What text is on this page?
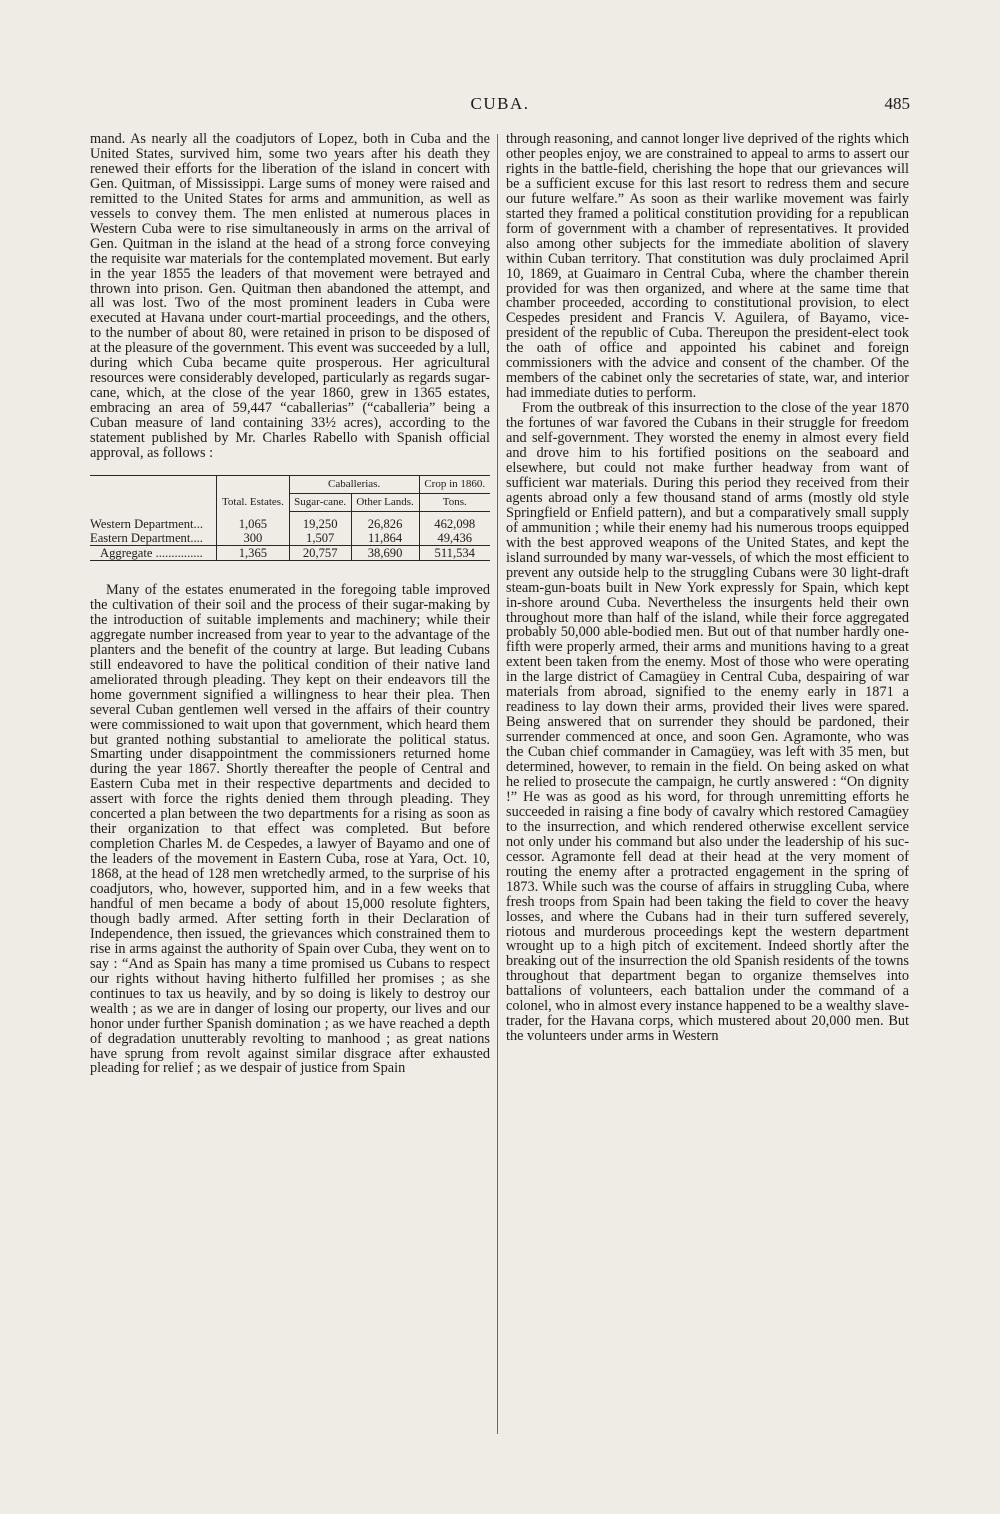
CUBA.	485

mand. As nearly all the coadjutors of Lopez, both in Cuba and the United States, survived him, some two years after his death they renewed their efforts for the liberation of the island in concert with Gen. Quitman, of Mississippi. Large sums of money were raised and remitted to the United States for arms and ammunition, as well as vessels to convey them. The men enlisted at numerous places in Western Cuba were to rise simultaneously in arms on the arrival of Gen. Quitman in the island at the head of a strong force conveying the requisite war materials for the contemplated movement. But early in the year 1855 the leaders of that movement were betrayed and thrown into prison. Gen. Quitman then abandoned the attempt, and all was lost. Two of the most prominent leaders in Cuba were executed at Havana under court-martial proceedings, and the others, to the number of about 80, were retained in prison to be disposed of at the pleasure of the government. This event was succeeded by a lull, during which Cuba became quite prosperous. Her agricultural resources were considerably developed, particularly as regards sugar-cane, which, at the close of the year 1860, grew in 1365 estates, embracing an area of 59,447 “caballerias” (“caballeria” being a Cuban measure of land containing 33½ acres), according to the statement published by Mr. Charles Rabello with Spanish official approval, as follows :

	Total. Estates.	Caballerias.		Crop in 1860.
		Sugar-cane.	Other Lands.	Tons.
Western Department...	1,065	19,250	26,826	462,098
Eastern Department....	300	1,507	11,864	49,436
Aggregate ...............	1,365	20,757	38,690	511,534

Many of the estates enumerated in the foregoing table improved the cultivation of their soil and the process of their sugar-making by the introduction of suitable implements and machinery; while their aggregate number increased from year to year to the advantage of the planters and the benefit of the country at large. But leading Cubans still endeavored to have the political condition of their native land ameliorated through pleading. They kept on their endeavors till the home government signified a willingness to hear their plea. Then several Cuban gentlemen well versed in the affairs of their country were commissioned to wait upon that government, which heard them but granted nothing substantial to ameliorate the political status. Smarting under disappointment the commissioners returned home during the year 1867. Shortly thereafter the people of Central and Eastern Cuba met in their respective departments and decided to assert with force the rights denied them through pleading. They concerted a plan between the two departments for a rising as soon as their organization to that effect was completed. But before completion Charles M. de Cespedes, a lawyer of Bayamo and one of the leaders of the movement in Eastern Cuba, rose at Yara, Oct. 10, 1868, at the head of 128 men wretchedly armed, to the surprise of his coadjutors, who, however, supported him, and in a few weeks that handful of men became a body of about 15,000 resolute fighters, though badly armed. After setting forth in their Declaration of Independence, then issued, the grievances which constrained them to rise in arms against the authority of Spain over Cuba, they went on to say : “And as Spain has many a time promised us Cubans to respect our rights without having hitherto fulfilled her promises ; as she continues to tax us heavily, and by so doing is likely to destroy our wealth ; as we are in danger of losing our property, our lives and our honor under further Spanish domination ; as we have reached a depth of degradation unutterably revolting to manhood ; as great nations have sprung from revolt against similar disgrace after exhausted pleading for relief ; as we despair of justice from Spain

through reasoning, and cannot longer live deprived of the rights which other peoples enjoy, we are constrained to appeal to arms to assert our rights in the battle-field, cherishing the hope that our grievances will be a sufficient excuse for this last resort to redress them and secure our future welfare.” As soon as their warlike movement was fairly started they framed a political constitution providing for a republican form of government with a chamber of representatives. It provided also among other subjects for the immediate abolition of slavery within Cuban territory. That constitution was duly proclaimed April 10, 1869, at Guaimaro in Central Cuba, where the chamber therein provided for was then organized, and where at the same time that chamber proceeded, according to constitutional provision, to elect Cespedes president and Francis V. Aguilera, of Bayamo, vice-president of the republic of Cuba. Thereupon the president-elect took the oath of office and appointed his cabinet and foreign commissioners with the advice and consent of the chamber. Of the members of the cabinet only the secretaries of state, war, and interior had immediate duties to perform.

From the outbreak of this insurrection to the close of the year 1870 the fortunes of war favored the Cubans in their struggle for freedom and self-government. They worsted the enemy in almost every field and drove him to his fortified positions on the seaboard and elsewhere, but could not make further headway from want of sufficient war materials. During this period they received from their agents abroad only a few thousand stand of arms (mostly old style Springfield or Enfield pattern), and but a comparatively small supply of ammunition ; while their enemy had his numerous troops equipped with the best approved weapons of the United States, and kept the island surrounded by many war-vessels, of which the most efficient to prevent any outside help to the struggling Cubans were 30 light-draft steam-gun-boats built in New York expressly for Spain, which kept in-shore around Cuba. Nevertheless the insurgents held their own throughout more than half of the island, while their force aggregated probably 50,000 able-bodied men. But out of that number hardly one-fifth were properly armed, their arms and munitions having to a great extent been taken from the enemy. Most of those who were operating in the large district of Camagüey in Central Cuba, despairing of war materials from abroad, signified to the enemy early in 1871 a readiness to lay down their arms, provided their lives were spared. Being answered that on surrender they should be pardoned, their surrender commenced at once, and soon Gen. Agramonte, who was the Cuban chief commander in Camagüey, was left with 35 men, but determined, however, to remain in the field. On being asked on what he relied to prosecute the campaign, he curtly answered : “On dignity !” He was as good as his word, for through unremitting efforts he succeeded in raising a fine body of cavalry which restored Camagüey to the insurrection, and which rendered otherwise excellent service not only under his command but also under the leadership of his successor. Agramonte fell dead at their head at the very moment of routing the enemy after a protracted engagement in the spring of 1873. While such was the course of affairs in struggling Cuba, where fresh troops from Spain had been taking the field to cover the heavy losses, and where the Cubans had in their turn suffered severely, riotous and murderous proceedings kept the western department wrought up to a high pitch of excitement. Indeed shortly after the breaking out of the insurrection the old Spanish residents of the towns throughout that department began to organize themselves into battalions of volunteers, each battalion under the command of a colonel, who in almost every instance happened to be a wealthy slave-trader, for the Havana corps, which mustered about 20,000 men. But the volunteers under arms in Western
